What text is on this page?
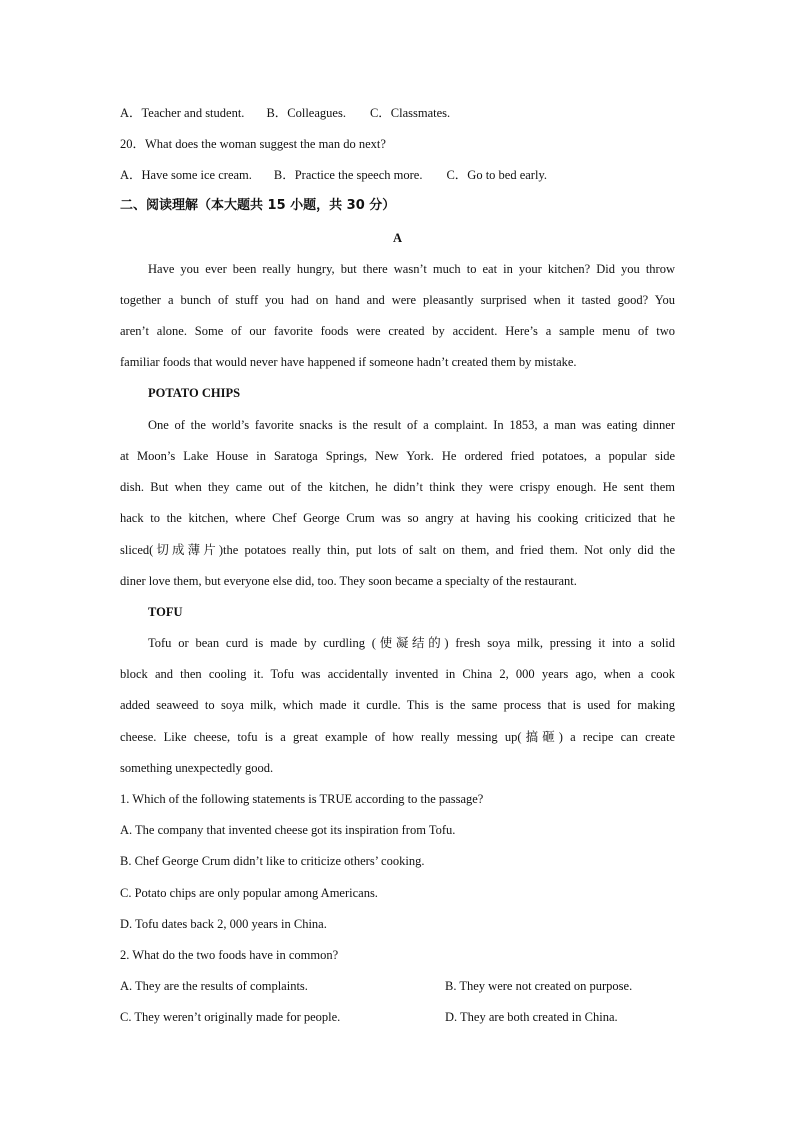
A．Teacher and student. B．Colleagues. C．Classmates.
20．What does the woman suggest the man do next?
A．Have some ice cream. B．Practice the speech more. C．Go to bed early.
二、阅读理解（本大题共 15 小题，共 30 分）
A
Have you ever been really hungry, but there wasn’t much to eat in your kitchen? Did you throw
together a bunch of stuff you had on hand and were pleasantly surprised when it tasted good? You
aren’t alone. Some of our favorite foods were created by accident. Here’s a sample menu of two
familiar foods that would never have happened if someone hadn’t created them by mistake.
POTATO CHIPS
One of the world’s favorite snacks is the result of a complaint. In 1853, a man was eating dinner
at Moon’s Lake House in Saratoga Springs, New York. He ordered fried potatoes, a popular side
dish. But when they came out of the kitchen, he didn’t think they were crispy enough. He sent them
hack to the kitchen, where Chef George Crum was so angry at having his cooking criticized that he
sliced(切成薄片)the potatoes really thin, put lots of salt on them, and fried them. Not only did the
diner love them, but everyone else did, too. They soon became a specialty of the restaurant.
TOFU
Tofu or bean curd is made by curdling (使凝结的) fresh soya milk, pressing it into a solid
block and then cooling it. Tofu was accidentally invented in China 2, 000 years ago, when a cook
added seaweed to soya milk, which made it curdle. This is the same process that is used for making
cheese. Like cheese, tofu is a great example of how really messing up(搞砸) a recipe can create
something unexpectedly good.
1. Which of the following statements is TRUE according to the passage?
A. The company that invented cheese got its inspiration from Tofu.
B. Chef George Crum didn’t like to criticize others’ cooking.
C. Potato chips are only popular among Americans.
D. Tofu dates back 2, 000 years in China.
2. What do the two foods have in common?
A. They are the results of complaints.	B. They were not created on purpose.
C. They weren’t originally made for people.	D. They are both created in China.
